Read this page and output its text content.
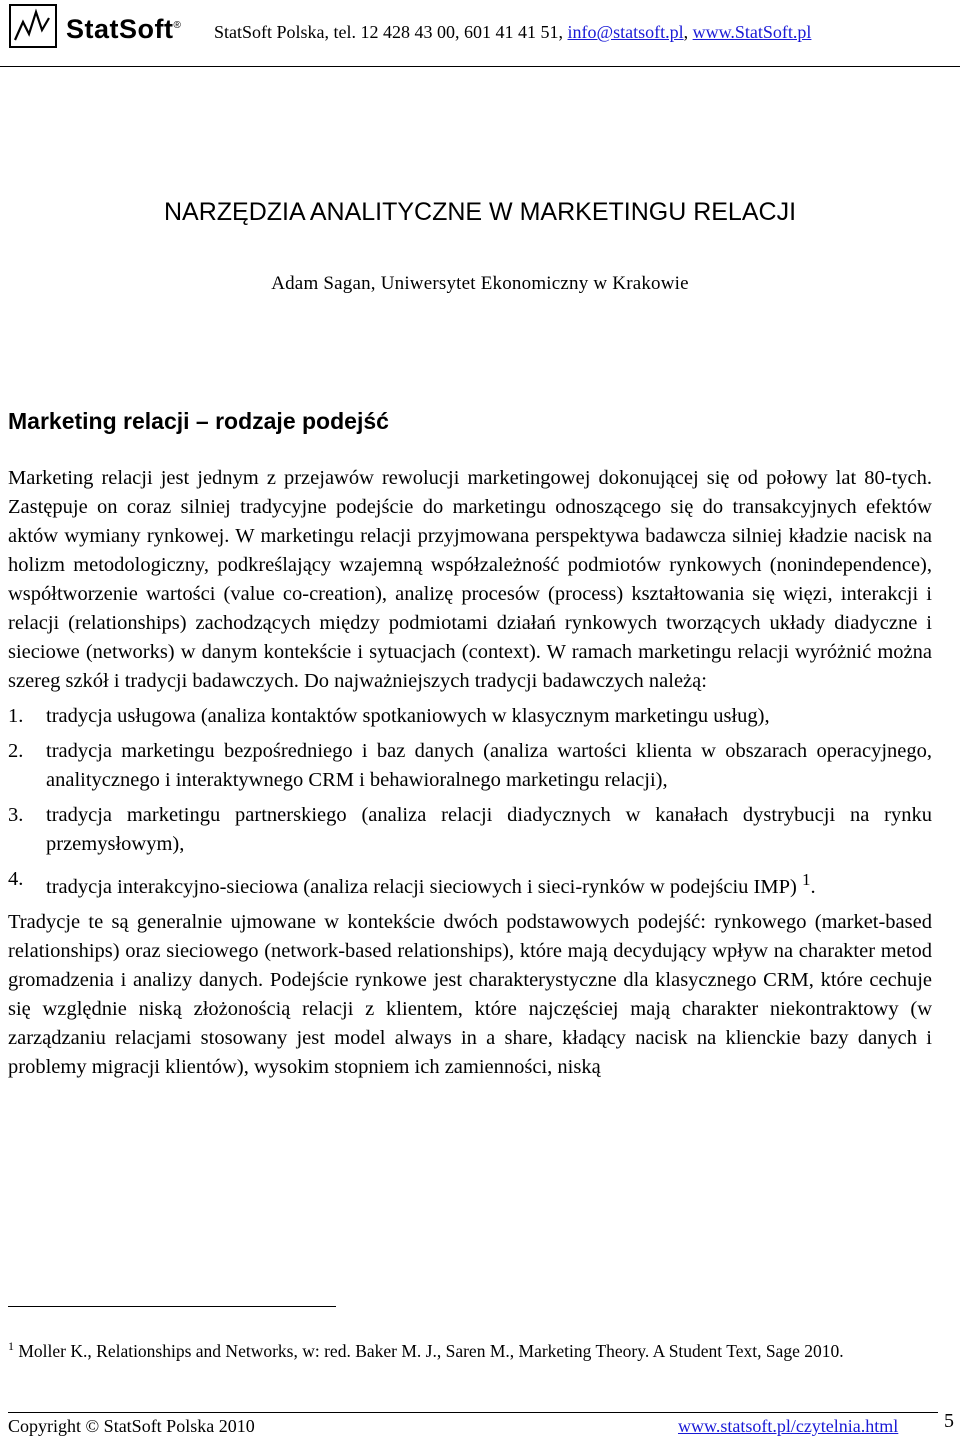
StatSoft® StatSoft Polska, tel. 12 428 43 00, 601 41 41 51, info@statsoft.pl, www.StatSoft.pl
NARZĘDZIA ANALITYCZNE W MARKETINGU RELACJI
Adam Sagan, Uniwersytet Ekonomiczny w Krakowie
Marketing relacji – rodzaje podejść

Marketing relacji jest jednym z przejawów rewolucji marketingowej dokonującej się od połowy lat 80-tych. Zastępuje on coraz silniej tradycyjne podejście do marketingu odnoszącego się do transakcyjnych efektów aktów wymiany rynkowej. W marketingu relacji przyjmowana perspektywa badawcza silniej kładzie nacisk na holizm metodologiczny, podkreślający wzajemną współzależność podmiotów rynkowych (nonindependence), współtworzenie wartości (value co-creation), analizę procesów (process) kształtowania się więzi, interakcji i relacji (relationships) zachodzących między podmiotami działań rynkowych tworzących układy diadyczne i sieciowe (networks) w danym kontekście i sytuacjach (context). W ramach marketingu relacji wyróżnić można szereg szkół i tradycji badawczych. Do najważniejszych tradycji badawczych należą:

1. tradycja usługowa (analiza kontaktów spotkaniowych w klasycznym marketingu usług),
2. tradycja marketingu bezpośredniego i baz danych (analiza wartości klienta w obszarach operacyjnego, analitycznego i interaktywnego CRM i behawioralnego marketingu relacji),
3. tradycja marketingu partnerskiego (analiza relacji diadycznych w kanałach dystrybucji na rynku przemysłowym),
4. tradycja interakcyjno-sieciowa (analiza relacji sieciowych i sieci-rynków w podejściu IMP) $^1$.

Tradycje te są generalnie ujmowane w kontekście dwóch podstawowych podejść: rynkowego (market-based relationships) oraz sieciowego (network-based relationships), które mają decydujący wpływ na charakter metod gromadzenia i analizy danych. Podejście rynkowe jest charakterystyczne dla klasycznego CRM, które cechuje się względnie niską złożonością relacji z klientem, które najczęściej mają charakter niekontraktowy (w zarządzaniu relacjami stosowany jest model always in a share, kładący nacisk na klienckie bazy danych i problemy migracji klientów), wysokim stopniem ich zamienności, niską

$^1$ Moller K., Relationships and Networks, w: red. Baker M. J., Saren M., Marketing Theory. A Student Text, Sage 2010.
Copyright © StatSoft Polska 2010	www.statsoft.pl/czytelnia.html 5
